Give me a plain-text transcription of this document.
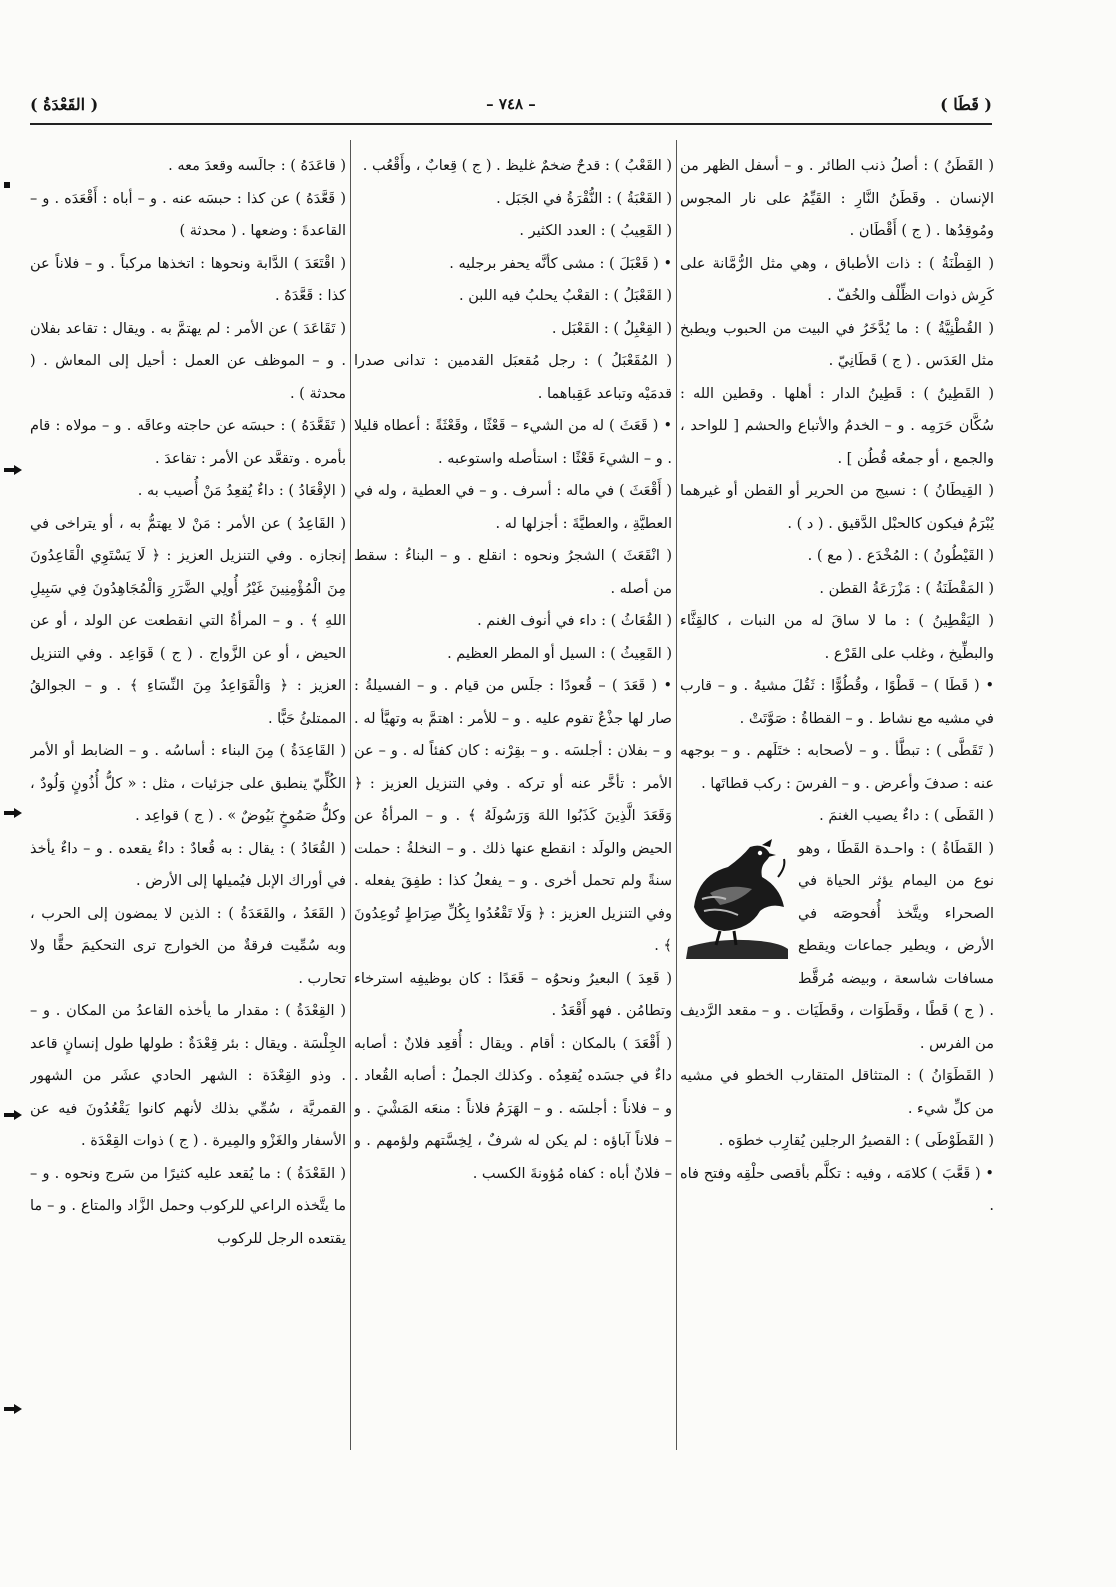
( القَعْدَةُ )	– ٧٤٨ –	( قَطَا )

( القَطَنُ ) : أصلُ ذنب الطائر . و – أسفل الظهر من الإنسان . وقَطَنُ النَّارِ : القَيِّمُ على نار المجوس ومُوقِدُها . ( ج ) أَقْطَان .

( القِطْنَةُ ) : ذات الأطباق ، وهي مثل الرُّمَّانة على كَرِش ذوات الظِّلْف والخُفّ .

( القُطْنِيَّةُ ) : ما يُدَّخَرُ في البيت من الحبوب ويطبخ مثل العَدَس . ( ج ) قَطَانِيّ .

( القَطِينُ ) : قَطِينُ الدار : أهلها . وقطين الله : سُكَّان حَرَمِه . و – الخدمُ والأتباع والحشم [ للواحد ، والجمع ، أو جمعُه قُطُن ] .

( القِيطَانُ ) : نسيج من الحرير أو القطن أو غيرهما يُبْرَمُ فيكون كالحبْل الدَّقيق . ( د ) .

( القَيْطُونُ ) : المُخْدَع . ( مع ) .

( المَقْطَنَةُ ) : مَزْرَعَةُ القطن .

( اليَقْطِينُ ) : ما لا ساقَ له من النبات ، كالقِثَّاء والبطِّيخ ، وغلب على القَرْع .

• ( قَطَا ) – قَطْوًا ، وقُطُوًّا : ثَقُلَ مشيهُ . و – قارب في مشيه مع نشاط . و – القطاةُ : صَوَّتَتْ .

( تَقَطَّى ) : تبطَّأ . و – لأصحابه : ختَلَهم . و – بوجهه عنه : صدفَ وأعرض . و – الفرسَ : ركب قطاتَها .

( القَطَى ) : داءٌ يصيب الغنمَ .

( القَطَاةُ ) : واحـدة القَطَا ، وهو نوع من اليمام يؤثر الحياة في الصحراء ويتَّخذ أُفحوصَه في الأرض ، ويطير جماعات ويقطع مسافات شاسعة ، وبيضه مُرقَّط . ( ج ) قَطًا ، وقَطَوَات ، وقَطَيَات . و – مقعد الرَّديف من الفرس .

( القَطَوَانُ ) : المتثاقل المتقارب الخطو في مشيه من كلِّ شيء .

( القَطَوْطَى ) : القصيرُ الرجلين يُقارِب خطوَه .

• ( قَعَّبَ ) كلامَه ، وفيه : تكلَّم بأقصى حلْقِه وفتح فاه .

( القَعْبُ ) : قدحٌ ضخمٌ غليظ . ( ج ) قِعابٌ ، وأَقْعُب .

( القَعْبَةُ ) : النُّقْرَةُ في الجَبَل .

( القَعِيبُ ) : العدد الكثير .

• ( قَعْبَلَ ) : مشى كأنَّه يحفر برجليه .

( القَعْبَلُ ) : القعْبُ يحلبُ فيه اللبن .

( القِعْبِلُ ) : القَعْبَل .

( المُقَعْبَلُ ) : رجل مُقعبَل القدمين : تدانى صدرا قدمَيْه وتباعد عَقِباهما .

• ( قَعَثَ ) له من الشيء – قَعْثًا ، وقَعْثَةً : أعطاه قليلا . و – الشيءَ قَعْثًا : استأصله واستوعبه .

( أَقْعَثَ ) في ماله : أسرف . و – في العطية ، وله في العطيَّةِ ، والعطيَّةَ : أجزلها له .

( انْقَعَثَ ) الشجرُ ونحوه : انقلع . و – البناءُ : سقط من أصله .

( القُعَاثُ ) : داء في أنوف الغنم .

( القَعِيثُ ) : السيل أو المطر العظيم .

• ( قَعَدَ ) – قُعودًا : جلَس من قيام . و – الفسيلةُ : صار لها جذْعٌ تقوم عليه . و – للأمر : اهتمَّ به وتهيَّأ له . و – بفلان : أجلسَه . و – بقِرْنه : كان كفئاً له . و – عن الأمر : تأخَّر عنه أو تركه . وفي التنزيل العزيز : ﴿ وَقَعَدَ الَّذِينَ كَذَبُوا اللهَ وَرَسُولَهُ ﴾ . و – المرأةُ عن الحيض والولَد : انقطع عنها ذلك . و – النخلةُ : حملت سنةً ولم تحمل أخرى . و – يفعلُ كذا : طفِقَ يفعله . وفي التنزيل العزيز : ﴿ وَلَا تَقْعُدُوا بِكُلِّ صِرَاطٍ تُوعِدُونَ ﴾ .

( قَعِدَ ) البعيرُ ونحوُه – قَعَدًا : كان بوظيفِه استرخاء وتطامُن . فهو أَقْعَدُ .

( أَقْعَدَ ) بالمكان : أقام . ويقال : أُقعِد فلانٌ : أصابه داءٌ في جسَده يُقعِدُه . وكذلك الجملُ : أصابه القُعاد . و – فلاناً : أجلسَه . و – الهَرَمُ فلاناً : منعَه المَشْيَ . و – فلاناً آباؤه : لم يكن له شرفٌ ، لِخِسَّتهم ولؤمهم . و – فلانٌ أباه : كفاه مُؤونةَ الكسب .

( قاعَدَهُ ) : جالَسه وقعدَ معه .

( قَعَّدَهُ ) عن كذا : حبسَه عنه . و – أباه : أَقْعَدَه . و – القاعدةَ : وضعها . ( محدثة )

( اقْتَعَدَ ) الدَّابة ونحوها : اتخذها مركباً . و – فلاناً عن كذا : قَعَّدَهُ .

( تَقَاعَدَ ) عن الأمر : لم يهتمَّ به . ويقال : تقاعد بفلان . و – الموظف عن العمل : أحيل إلى المعاش . ( محدثة ) .

( تَقَعَّدَهُ ) : حبسَه عن حاجته وعاقَه . و – مولاه : قام بأمره . وتقعَّد عن الأمر : تقاعدَ .

( الإقْعَادُ ) : داءٌ يُقعِدُ مَنْ أُصيب به .

( القَاعِدُ ) عن الأمر : مَنْ لا يهتمُّ به ، أو يتراخى في إنجازه . وفي التنزيل العزيز : ﴿ لَا يَسْتَوِي الْقَاعِدُونَ مِنَ الْمُؤْمِنِينَ غَيْرُ أُولِي الضَّرَرِ وَالْمُجَاهِدُونَ فِي سَبِيلِ اللهِ ﴾ . و – المرأةُ التي انقطعت عن الولد ، أو عن الحيض ، أو عن الزَّواج . ( ج ) قَوَاعِد . وفي التنزيل العزيز : ﴿ وَالْقَوَاعِدُ مِنَ النِّسَاءِ ﴾ . و – الجوالقُ الممتلئُ حَبًّا .

( القَاعِدَةُ ) مِنَ البناء : أساسُه . و – الضابط أو الأمر الكُلِّيّ ينطبق على جزئيات ، مثل : « كلُّ أُذُونٍ وَلُودٌ ، وكلُّ صَمُوخٍ بَيُوضٌ » . ( ج ) قواعِد .

( القُعَادُ ) : يقال : به قُعادٌ : داءٌ يقعده . و – داءٌ يأخذ في أوراك الإبل فيُميلها إلى الأرض .

( القَعَدُ ، والقَعَدَةُ ) : الذين لا يمضون إلى الحرب ، وبه سُمِّيت فرقةٌ من الخوارج ترى التحكيمَ حقًّا ولا تحارب .

( القِعْدَةُ ) : مقدار ما يأخذه القاعدُ من المكان . و – الجِلْسَة . ويقال : بئر قِعْدَةٌ : طولها طول إنسانٍ قاعد . وذو القِعْدَة : الشهر الحادي عشَر من الشهور القمريَّة ، سُمِّي بذلك لأنهم كانوا يَقْعُدُونَ فيه عن الأسفار والغَزْو والمِيرة . ( ج ) ذوات القِعْدَة .

( القَعْدَةُ ) : ما يُقعد عليه كثيرًا من سَرج ونحوه . و – ما يتَّخذه الراعي للركوب وحمل الزَّاد والمتاع . و – ما يقتعده الرجل للركوب
